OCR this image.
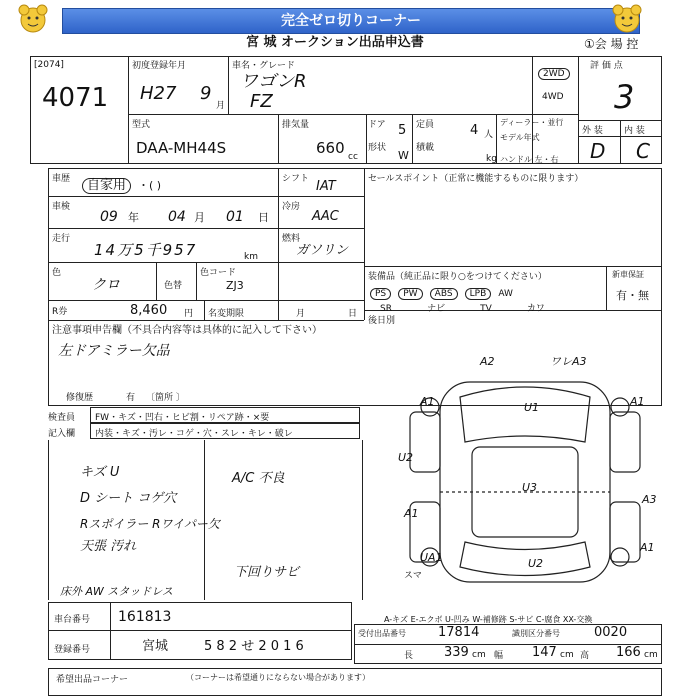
完全ゼロ切りコーナー
宮 城 オークション出品申込書	①会 場 控
[2074]
4071
初度登録年月
H27 9
月
車名・グレード
ワゴンR
FZ
2WD
4WD
評 価 点
3
型式
DAA-MH44S
排気量
660 cc
ドア 5
形状
W
定員	4 人
積載
kg
ディーラー・並行
モデル年式
ハンドル 左・右
外 装 内 装
D C
車歴	自家用	・( )	シフト IAT
車検
09 年 04 月 01 日
冷房
AAC
走行
14万5千957	km
燃料
ガソリン
色
クロ	色替
色コード
ZJ3
R券	8,460 円 名変期限	月	日
セールスポイント（正常に機能するものに限ります）
装備品（純正品に限り○をつけてください）
PS PW ABS LPB AW
SR	ナビ	TV	カワ
新車保証
有・無
後日別
注意事項申告欄（不具合内容等は具体的に記入して下さい）
左ドアミラー欠品
修復歴	有 〔箇所 〕
検査員	FW・キズ・凹右・ヒビ割・リペア跡・×要
記入欄	内装・キズ・汚レ・コゲ・穴・スレ・キレ・破レ
キズ U
D シート コゲ穴
Rスポイラー Rワイパー欠
天張 汚れ
床外 AW スタッドレス
A/C 不良
下回りサビ
A2	ワレA3
A1	U1	A1
U2
U3
A3
A1
UA1	U2
A1
スマ
A-キズ E-エクボ U-凹み W-補修跡 S-サビ C-腐食 XX-交換
車台番号 161813
登録番号	宮城	5 8 2 せ 2 0 1 6
受付出品番号 17814	識別区分番号	0020
長 339 cm 幅 147 cm 高 166 cm
希望出品コーナー	（コーナーは希望通りにならない場合があります）
